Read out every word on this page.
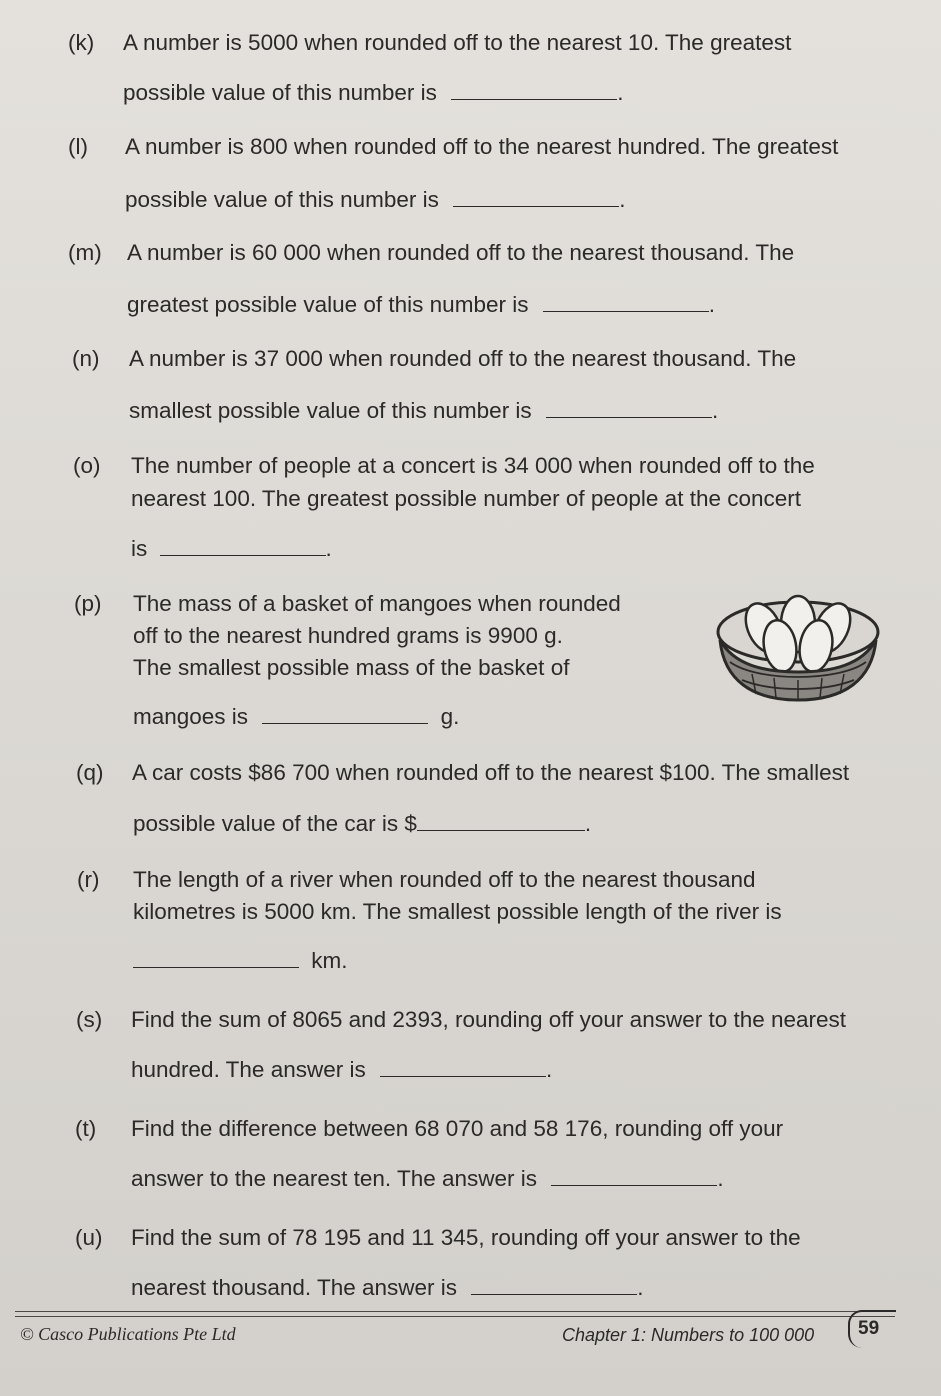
(k) A number is 5000 when rounded off to the nearest 10. The greatest
possible value of this number is	.
(l) A number is 800 when rounded off to the nearest hundred. The greatest
possible value of this number is	.
(m) A number is 60 000 when rounded off to the nearest thousand. The
greatest possible value of this number is	.
(n) A number is 37 000 when rounded off to the nearest thousand. The
smallest possible value of this number is	.
(o) The number of people at a concert is 34 000 when rounded off to the
nearest 100. The greatest possible number of people at the concert
is	.
(p) The mass of a basket of mangoes when rounded
off to the nearest hundred grams is 9900 g.
The smallest possible mass of the basket of
mangoes is	g.
(q) A car costs $86 700 when rounded off to the nearest $100. The smallest
possible value of the car is $	.
(r) The length of a river when rounded off to the nearest thousand
kilometres is 5000 km. The smallest possible length of the river is
km.
(s) Find the sum of 8065 and 2393, rounding off your answer to the nearest
hundred. The answer is	.
(t) Find the difference between 68 070 and 58 176, rounding off your
answer to the nearest ten. The answer is	.
(u) Find the sum of 78 195 and 11 345, rounding off your answer to the
nearest thousand. The answer is	.
© Casco Publications Pte Ltd	Chapter 1: Numbers to 100 000 59
